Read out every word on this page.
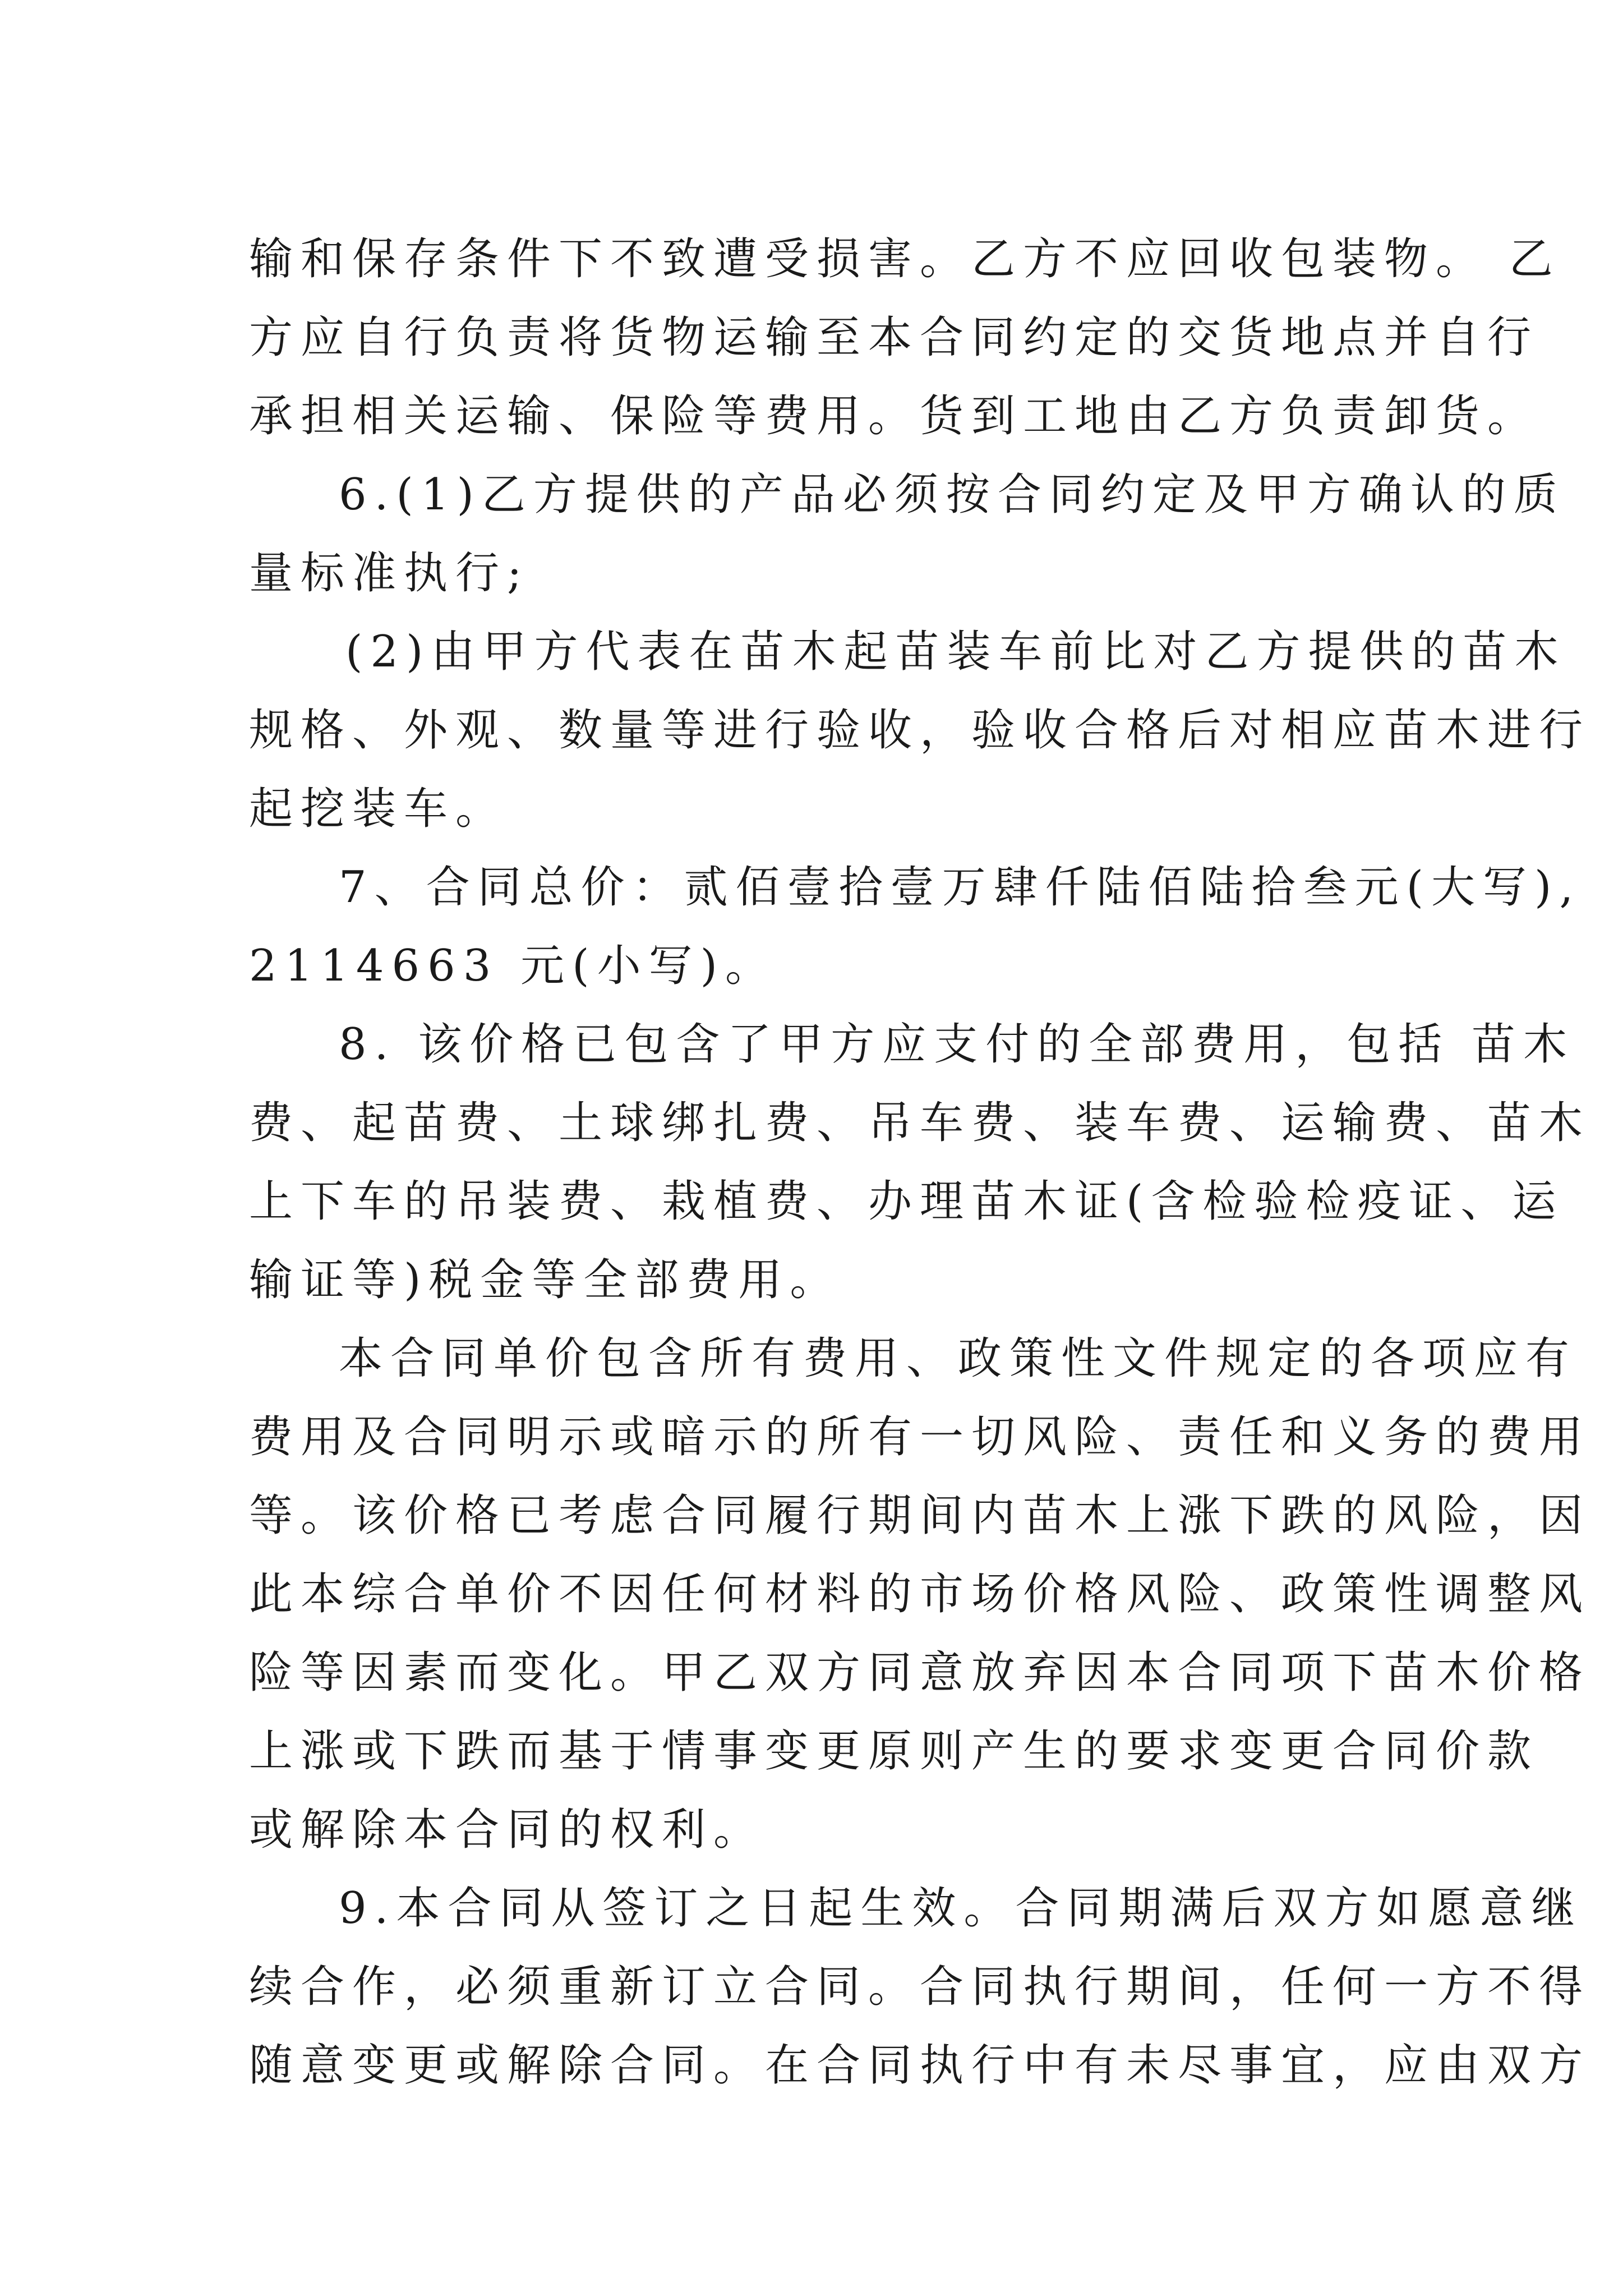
输和保存条件下不致遭受损害。乙方不应回收包装物。 乙
方应自行负责将货物运输至本合同约定的交货地点并自行
承担相关运输、保险等费用。货到工地由乙方负责卸货。
6.(1)乙方提供的产品必须按合同约定及甲方确认的质
量标准执行;
(2)由甲方代表在苗木起苗装车前比对乙方提供的苗木
规格、外观、数量等进行验收，验收合格后对相应苗木进行
起挖装车。
7、合同总价：贰佰壹拾壹万肆仟陆佰陆拾叁元(大写),
2114663 元(小写)。
8. 该价格已包含了甲方应支付的全部费用，包括 苗木
费、起苗费、土球绑扎费、吊车费、装车费、运输费、苗木
上下车的吊装费、栽植费、办理苗木证(含检验检疫证、运
输证等)税金等全部费用。
本合同单价包含所有费用、政策性文件规定的各项应有
费用及合同明示或暗示的所有一切风险、责任和义务的费用
等。该价格已考虑合同履行期间内苗木上涨下跌的风险，因
此本综合单价不因任何材料的市场价格风险、政策性调整风
险等因素而变化。甲乙双方同意放弃因本合同项下苗木价格
上涨或下跌而基于情事变更原则产生的要求变更合同价款
或解除本合同的权利。
9.本合同从签订之日起生效。合同期满后双方如愿意继
续合作，必须重新订立合同。合同执行期间，任何一方不得
随意变更或解除合同。在合同执行中有未尽事宜，应由双方
